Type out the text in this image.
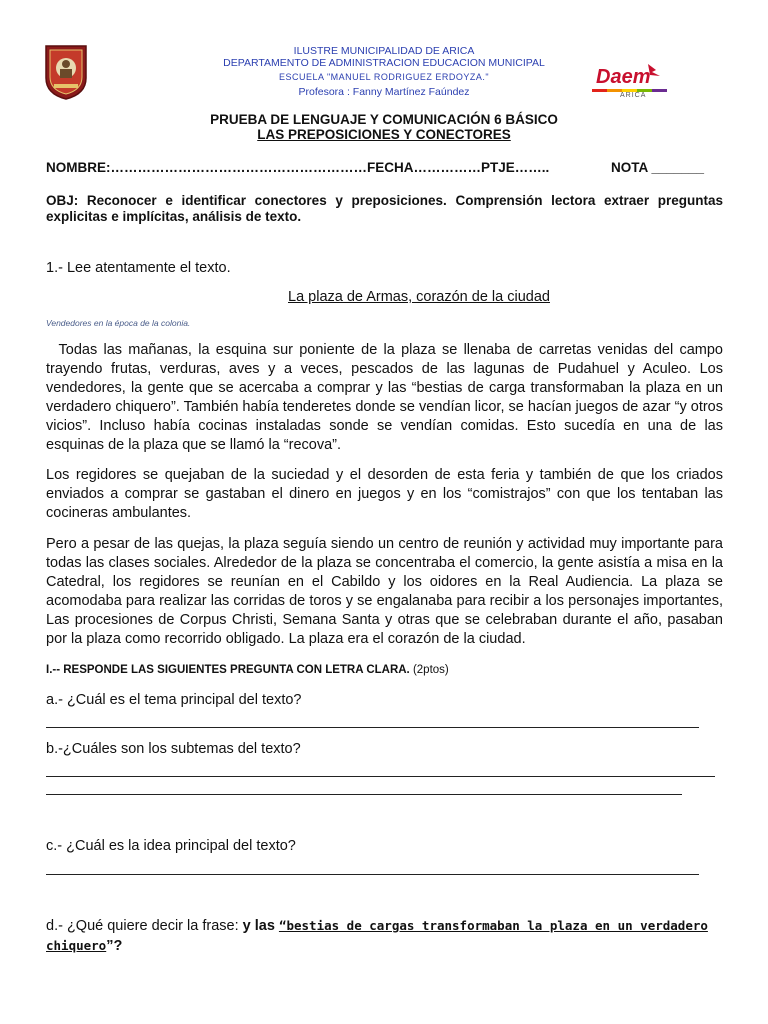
ILUSTRE MUNICIPALIDAD DE ARICA
DEPARTAMENTO DE ADMINISTRACION EDUCACION MUNICIPAL
ESCUELA "MANUEL RODRIGUEZ ERDOYZA."
Profesora : Fanny Martínez Faúndez
Daem
ARICA
PRUEBA DE LENGUAJE Y COMUNICACIÓN 6 BÁSICO
LAS PREPOSICIONES Y CONECTORES
NOMBRE:…………………………………………………FECHA……………PTJE……..	NOTA _______
OBJ: Reconocer e identificar conectores y preposiciones. Comprensión lectora extraer preguntas explicitas e implícitas, análisis de texto.
1.- Lee atentamente el texto.
La plaza de Armas, corazón de la ciudad
Vendedores en la época de la colonia.
Todas las mañanas, la esquina sur poniente de la plaza se llenaba de carretas venidas del campo trayendo frutas, verduras, aves y a veces, pescados de las lagunas de Pudahuel y Aculeo. Los vendedores, la gente que se acercaba a comprar y las “bestias de carga transformaban la plaza en un verdadero chiquero”. También había tenderetes donde se vendían licor, se hacían juegos de azar “y otros vicios”. Incluso había cocinas instaladas sonde se vendían comidas. Esto sucedía en una de las esquinas de la plaza que se llamó la “recova”.
Los regidores se quejaban de la suciedad y el desorden de esta feria y también de que los criados enviados a comprar se gastaban el dinero en juegos y en los “comistrajos” con que los tentaban las cocineras ambulantes.
Pero a pesar de las quejas, la plaza seguía siendo un centro de reunión y actividad muy importante para todas las clases sociales. Alrededor de la plaza se concentraba el comercio, la gente asistía a misa en la Catedral, los regidores se reunían en el Cabildo y los oidores en la Real Audiencia. La plaza se acomodaba para realizar las corridas de toros y se engalanaba para recibir a los personajes importantes, Las procesiones de Corpus Christi, Semana Santa y otras que se celebraban durante el año, pasaban por la plaza como recorrido obligado. La plaza era el corazón de la ciudad.
I.-- RESPONDE LAS SIGUIENTES PREGUNTA CON LETRA CLARA. (2ptos)
a.- ¿Cuál es el tema principal del texto?
b.-¿Cuáles son los subtemas del texto?
c.- ¿Cuál es la idea principal del texto?
d.- ¿Qué quiere decir la frase: y las “bestias de cargas transformaban la plaza en un verdadero chiquero”?
